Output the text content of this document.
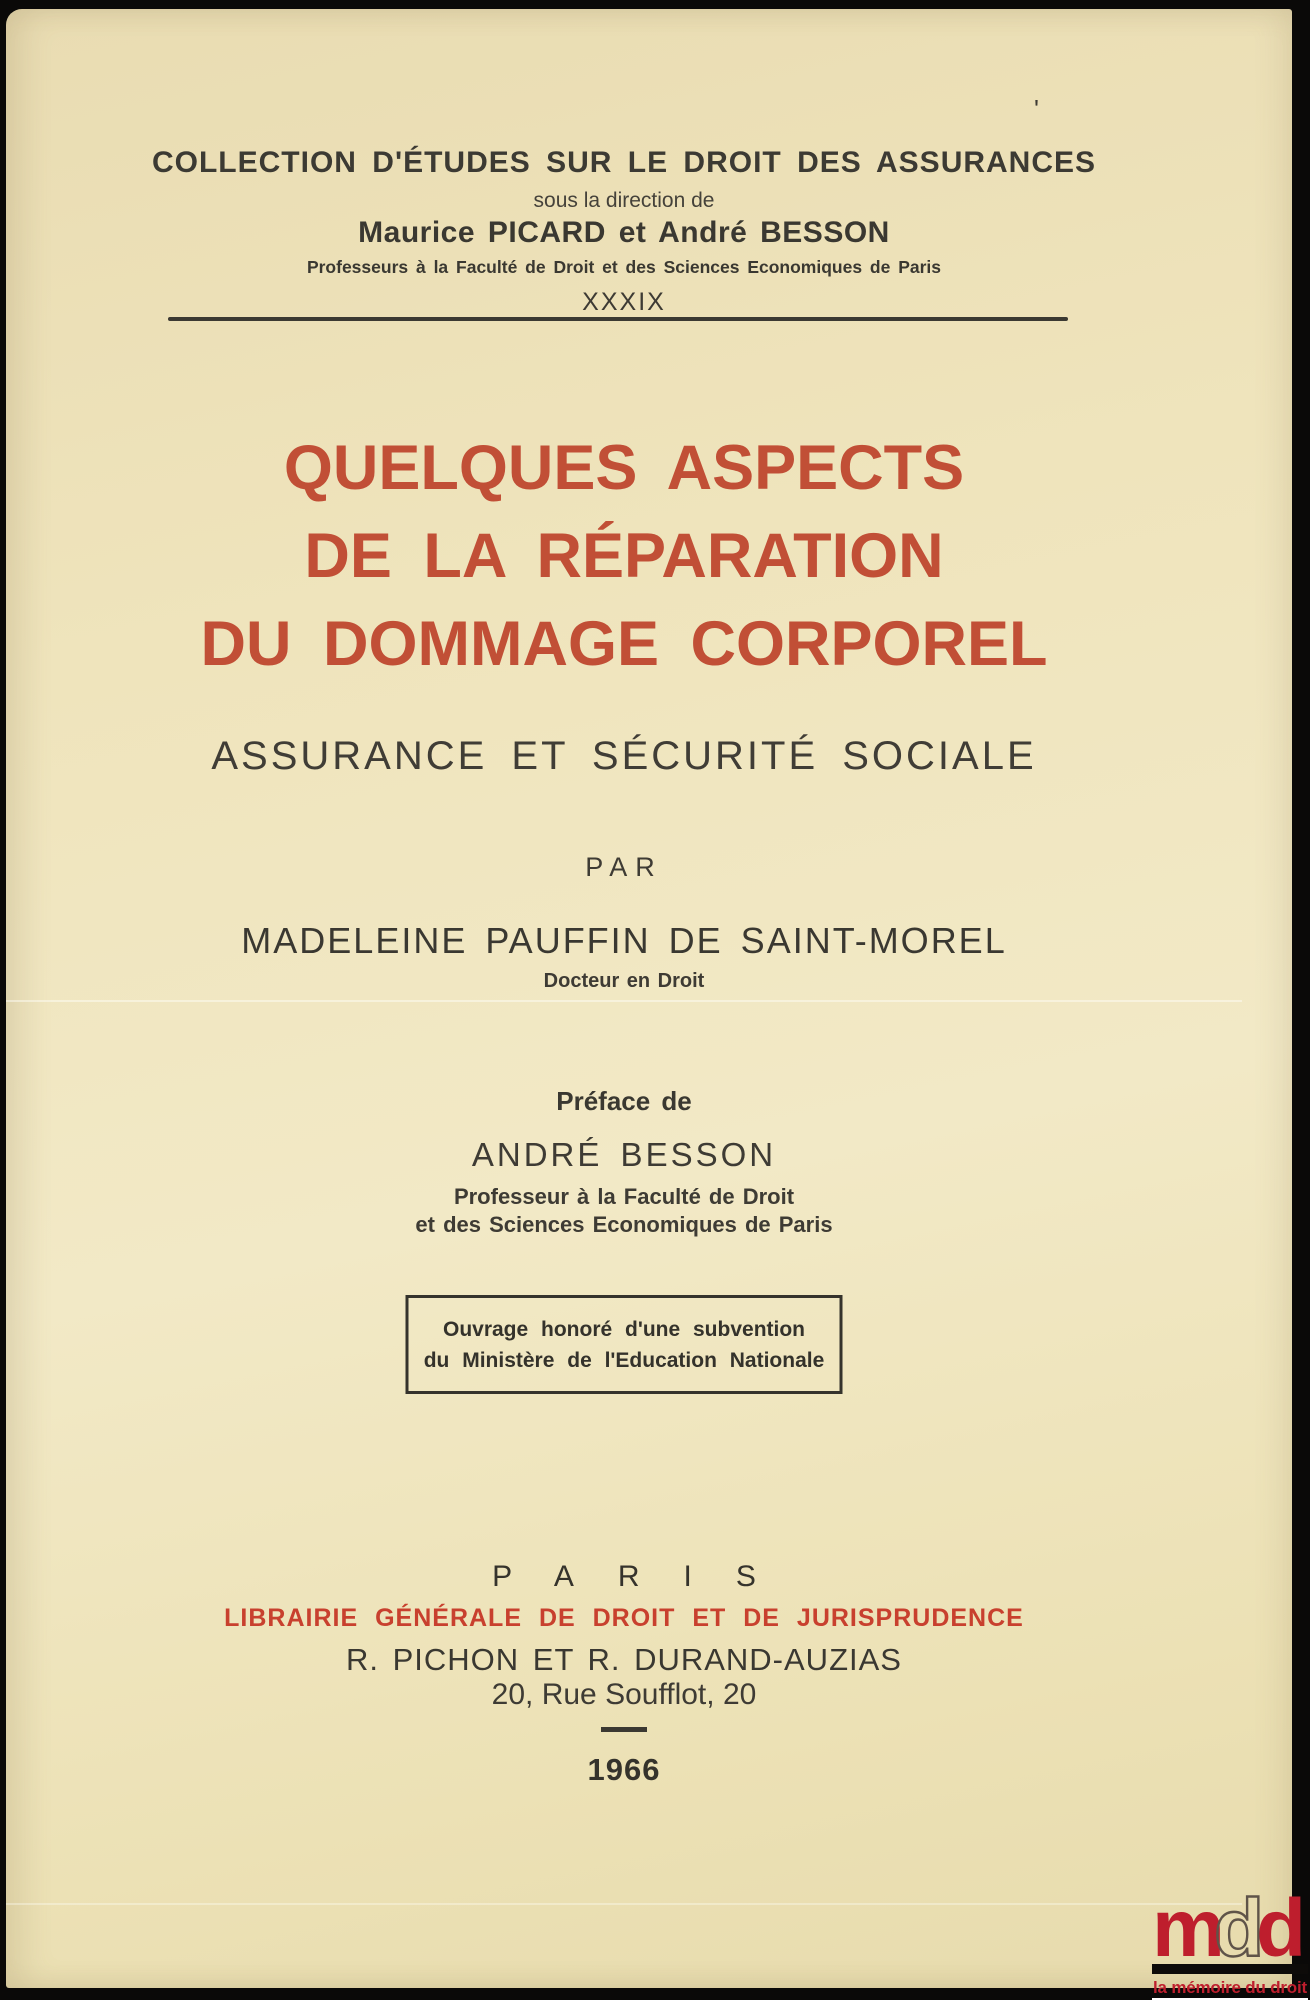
COLLECTION D'ÉTUDES SUR LE DROIT DES ASSURANCES
sous la direction de
Maurice PICARD et André BESSON
Professeurs à la Faculté de Droit et des Sciences Economiques de Paris
XXXIX
QUELQUES ASPECTS
DE LA RÉPARATION
DU DOMMAGE CORPOREL
ASSURANCE ET SÉCURITÉ SOCIALE
PAR
MADELEINE PAUFFIN DE SAINT-MOREL
Docteur en Droit
Préface de
ANDRÉ BESSON
Professeur à la Faculté de Droit
et des Sciences Economiques de Paris
Ouvrage honoré d'une subvention
du Ministère de l'Education Nationale
PARIS
LIBRAIRIE GÉNÉRALE DE DROIT ET DE JURISPRUDENCE
R. PICHON ET R. DURAND-AUZIAS
20, Rue Soufflot, 20
1966
'
m
d
d
la mémoire du droit
